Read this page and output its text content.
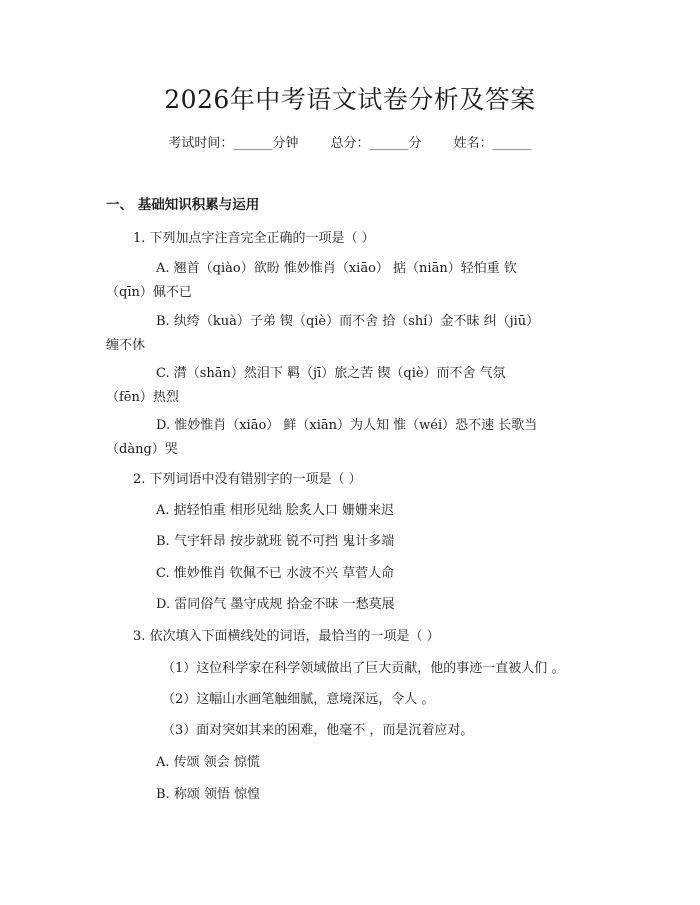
2026年中考语文试卷分析及答案
考试时间：______分钟 总分：______分 姓名：______
一、 基础知识积累与运用
1. 下列加点字注音完全正确的一项是（ ）
A. 翘首（qiào）欲盼 惟妙惟肖（xiāo） 掂（niān）轻怕重 钦
（qīn）佩不已
B. 纨绔（kuà）子弟 锲（qiè）而不舍 拾（shí）金不昧 纠（jiū）
缠不休
C. 潸（shān）然泪下 羁（jī）旅之苦 锲（qiè）而不舍 气氛
（fēn）热烈
D. 惟妙惟肖（xiāo） 鲜（xiān）为人知 惟（wéi）恐不速 长歌当
（dàng）哭
2. 下列词语中没有错别字的一项是（ ）
A. 掂轻怕重 相形见绌 脍炙人口 姗姗来迟
B. 气宇轩昂 按步就班 锐不可挡 鬼计多端
C. 惟妙惟肖 钦佩不已 水波不兴 草菅人命
D. 雷同俗气 墨守成规 拾金不昧 一愁莫展
3. 依次填入下面横线处的词语，最恰当的一项是（ ）
（1）这位科学家在科学领域做出了巨大贡献，他的事迹一直被人们 。
（2）这幅山水画笔触细腻，意境深远，令人 。
（3）面对突如其来的困难，他毫不 ，而是沉着应对。
A. 传颂 领会 惊慌
B. 称颂 领悟 惊惶
